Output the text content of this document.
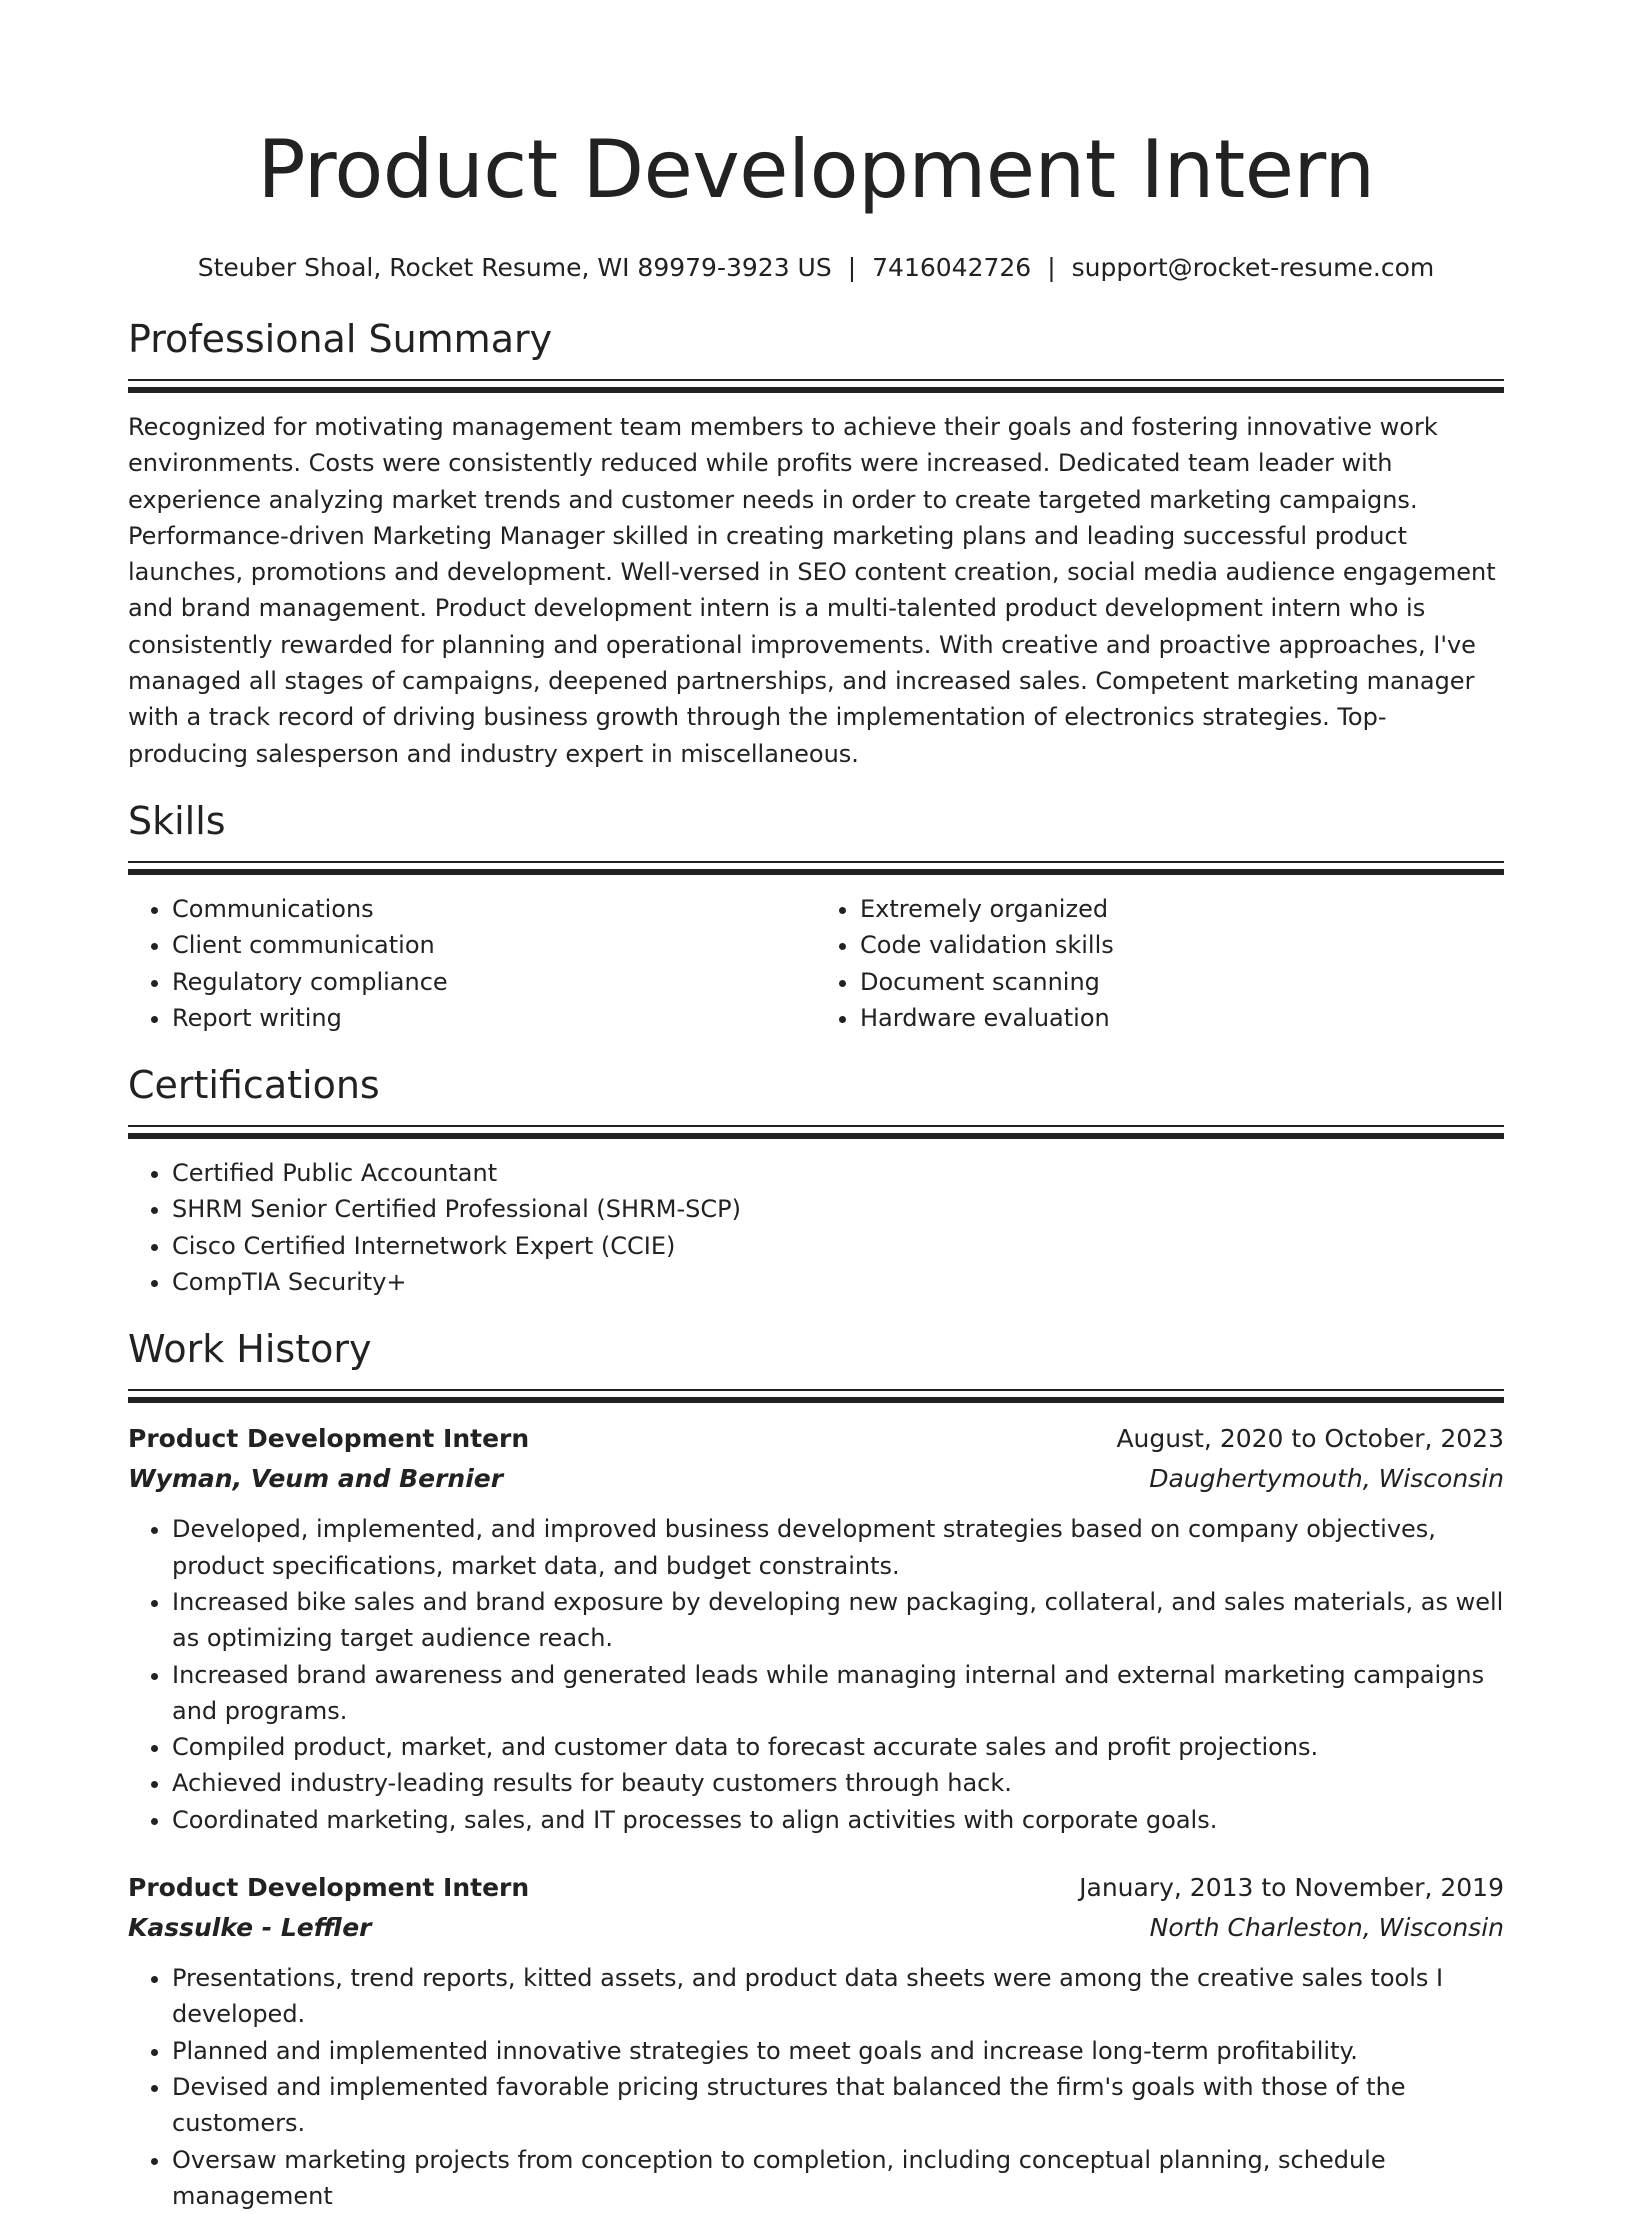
Product Development Intern
Steuber Shoal, Rocket Resume, WI 89979-3923 US | 7416042726 | support@rocket-resume.com
Professional Summary
Recognized for motivating management team members to achieve their goals and fostering innovative work environments. Costs were consistently reduced while profits were increased. Dedicated team leader with experience analyzing market trends and customer needs in order to create targeted marketing campaigns. Performance-driven Marketing Manager skilled in creating marketing plans and leading successful product launches, promotions and development. Well-versed in SEO content creation, social media audience engagement and brand management. Product development intern is a multi-talented product development intern who is consistently rewarded for planning and operational improvements. With creative and proactive approaches, I've managed all stages of campaigns, deepened partnerships, and increased sales. Competent marketing manager with a track record of driving business growth through the implementation of electronics strategies. Top-producing salesperson and industry expert in miscellaneous.
Skills
• Communications
• Client communication
• Regulatory compliance
• Report writing
• Extremely organized
• Code validation skills
• Document scanning
• Hardware evaluation
Certifications
• Certified Public Accountant
• SHRM Senior Certified Professional (SHRM-SCP)
• Cisco Certified Internetwork Expert (CCIE)
• CompTIA Security+
Work History
Product Development Intern	August, 2020 to October, 2023
Wyman, Veum and Bernier	Daughertymouth, Wisconsin
• Developed, implemented, and improved business development strategies based on company objectives, product specifications, market data, and budget constraints.
• Increased bike sales and brand exposure by developing new packaging, collateral, and sales materials, as well as optimizing target audience reach.
• Increased brand awareness and generated leads while managing internal and external marketing campaigns and programs.
• Compiled product, market, and customer data to forecast accurate sales and profit projections.
• Achieved industry-leading results for beauty customers through hack.
• Coordinated marketing, sales, and IT processes to align activities with corporate goals.
Product Development Intern	January, 2013 to November, 2019
Kassulke - Leffler	North Charleston, Wisconsin
• Presentations, trend reports, kitted assets, and product data sheets were among the creative sales tools I developed.
• Planned and implemented innovative strategies to meet goals and increase long-term profitability.
• Devised and implemented favorable pricing structures that balanced the firm's goals with those of the customers.
• Oversaw marketing projects from conception to completion, including conceptual planning, schedule management
